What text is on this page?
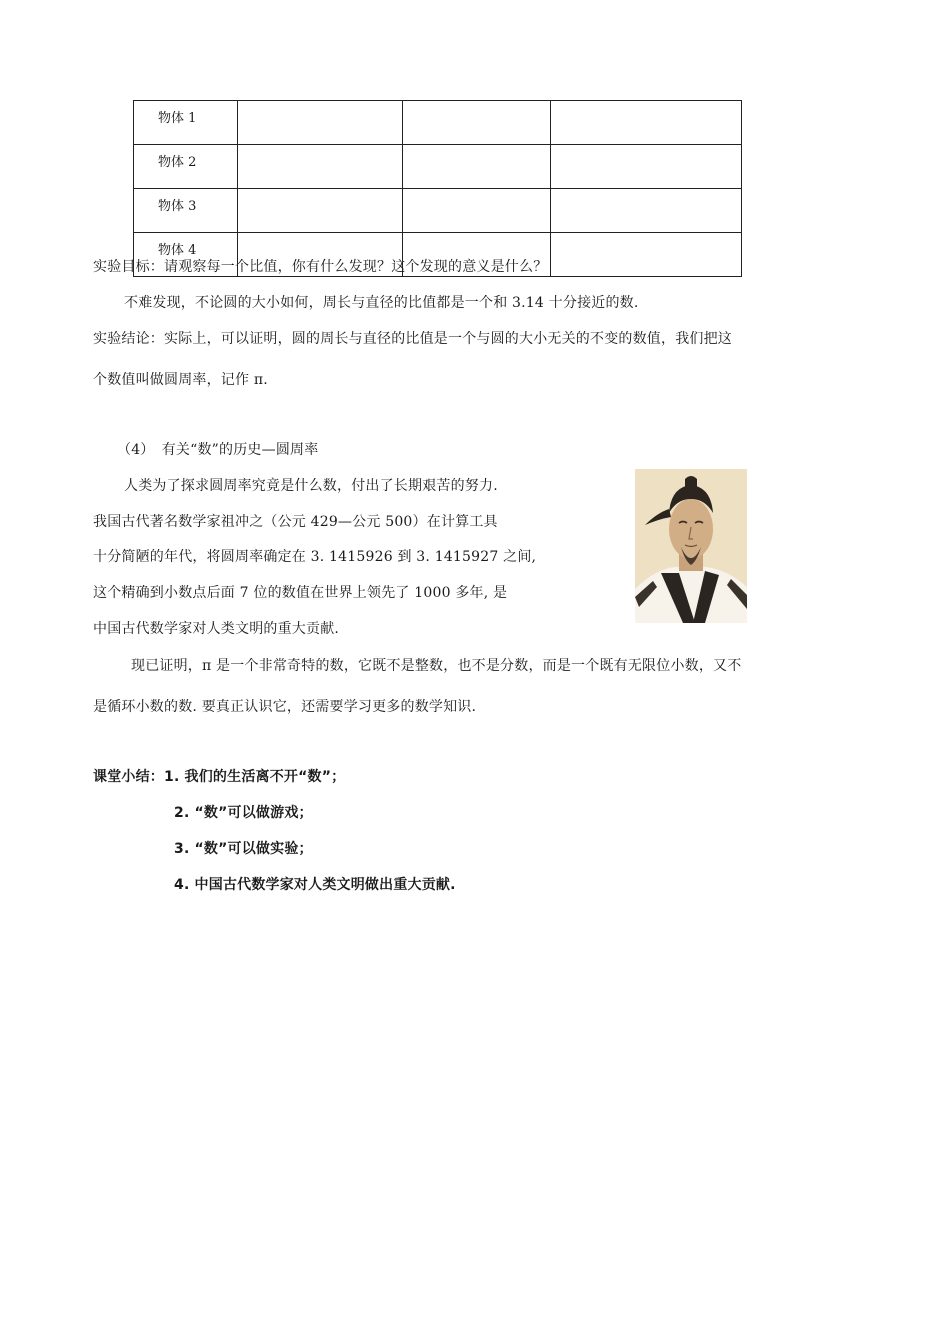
物体 1			
物体 2			
物体 3			
物体 4			
实验目标：请观察每一个比值，你有什么发现？这个发现的意义是什么？
不难发现，不论圆的大小如何，周长与直径的比值都是一个和 3.14 十分接近的数.
实验结论：实际上，可以证明，圆的周长与直径的比值是一个与圆的大小无关的不变的数值，我们把这
个数值叫做圆周率，记作 π.
（4）　有关“数”的历史—圆周率
人类为了探求圆周率究竟是什么数，付出了长期艰苦的努力.
我国古代著名数学家祖冲之（公元 429—公元 500）在计算工具
十分简陋的年代，将圆周率确定在 3. 1415926 到 3. 1415927 之间,
这个精确到小数点后面 7 位的数值在世界上领先了 1000 多年, 是
中国古代数学家对人类文明的重大贡献.
现已证明，π 是一个非常奇特的数，它既不是整数，也不是分数，而是一个既有无限位小数，又不
是循环小数的数. 要真正认识它，还需要学习更多的数学知识.
课堂小结：1. 我们的生活离不开“数”；
2. “数”可以做游戏；
3. “数”可以做实验；
4. 中国古代数学家对人类文明做出重大贡献.
